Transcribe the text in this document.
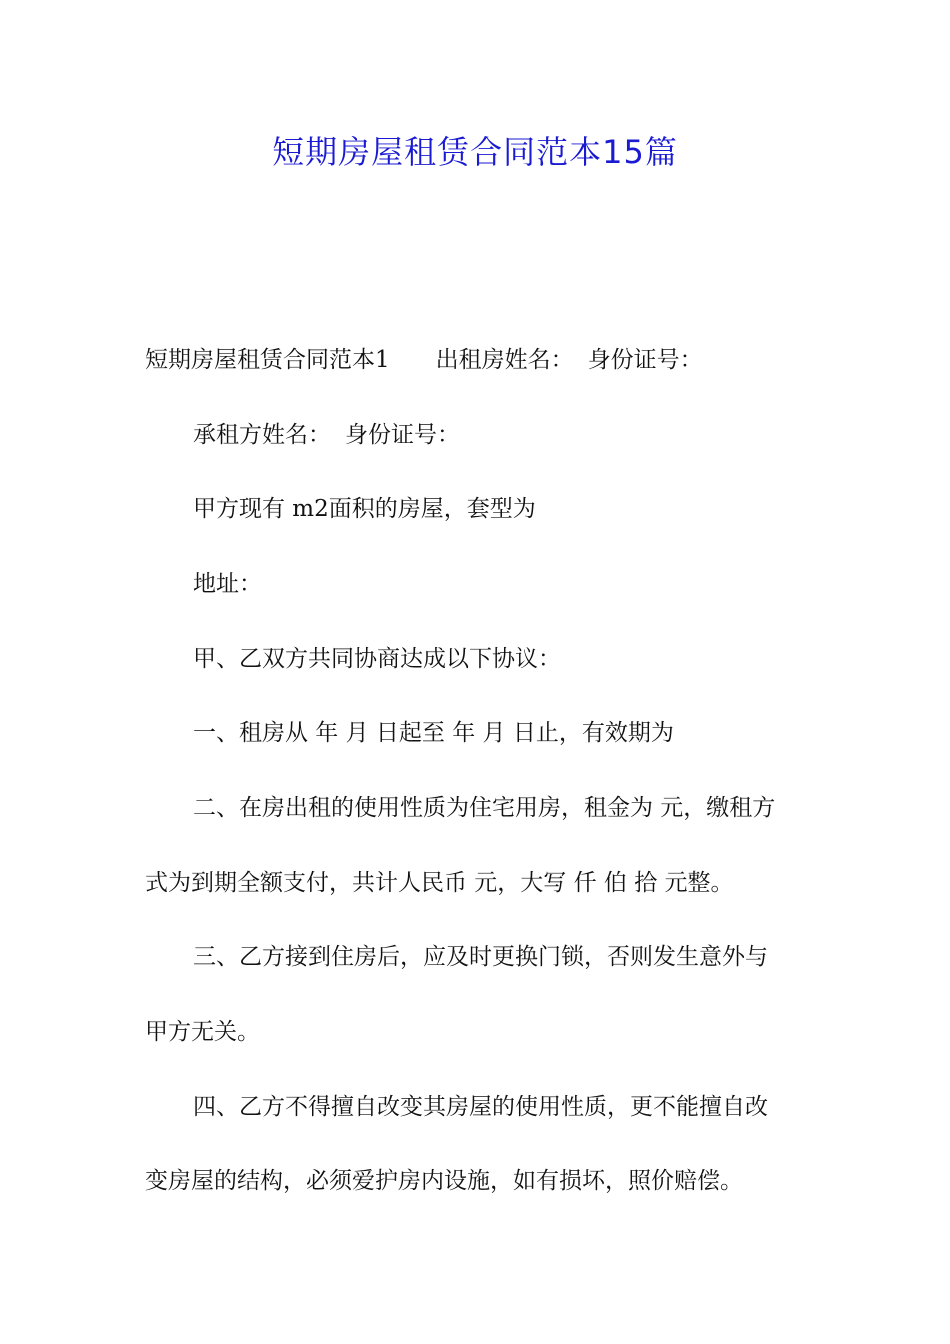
短期房屋租赁合同范本15篇
短期房屋租赁合同范本1 出租房姓名： 身份证号：
承租方姓名： 身份证号：
甲方现有 m2面积的房屋，套型为
地址：
甲、乙双方共同协商达成以下协议：
一、租房从 年 月 日起至 年 月 日止，有效期为
二、在房出租的使用性质为住宅用房，租金为 元，缴租方
式为到期全额支付，共计人民币 元，大写 仟 伯 拾 元整。
三、乙方接到住房后，应及时更换门锁，否则发生意外与
甲方无关。
四、乙方不得擅自改变其房屋的使用性质，更不能擅自改
变房屋的结构，必须爱护房内设施，如有损坏，照价赔偿。
